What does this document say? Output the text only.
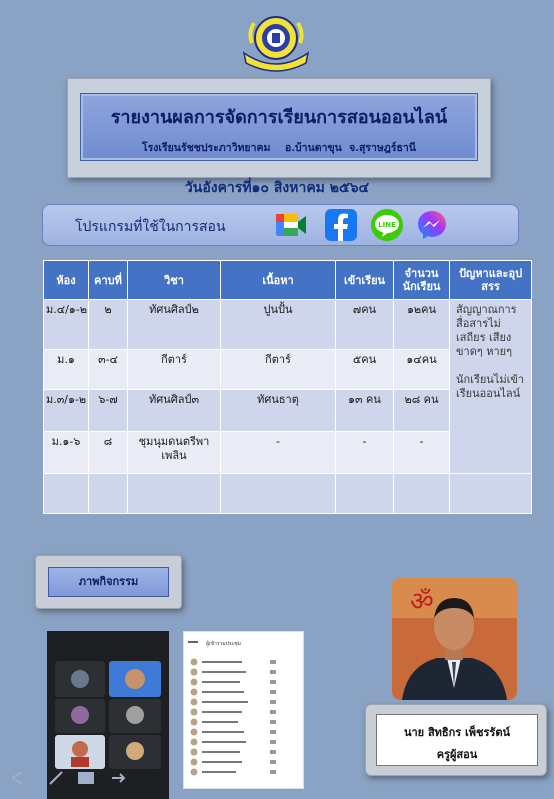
รายงานผลการจัดการเรียนการสอนออนไลน์
โรงเรียนรัชชประภาวิทยาคม    อ.บ้านตาขุน  จ.สุราษฎร์ธานี
วันอังคารที่๑๐ สิงหาคม ๒๕๖๔
โปรแกรมที่ใช้ในการสอน	LINE
ห้อง	คาบที่	วิชา	เนื้อหา	เข้าเรียน	จำนวนนักเรียน	ปัญหาและอุปสรร
ม.๔/๑-๒	๒	ทัศนศิลป์๒	ปูนปั้น	๗คน	๑๒คน	สัญญาณการสื่อสารไม่เสถียร เสียงขาดๆ หายๆ

นักเรียนไม่เข้าเรียนออนไลน์
ม.๑	๓-๔	กีตาร์	กีตาร์	๕คน	๑๔คน	
ม.๓/๑-๒	๖-๗	ทัศนศิลป์๓	ทัศนธาตุ	๑๓ คน	๒๘ คน	
ม.๑-๖	๘	ชุมนุมดนตรีพาเพลิน	-	-	-	

ภาพกิจกรรม
ॐ
นาย สิทธิกร เพ็ชรรัตน์
ครูผู้สอน
ผู้เข้าร่วมประชุม
